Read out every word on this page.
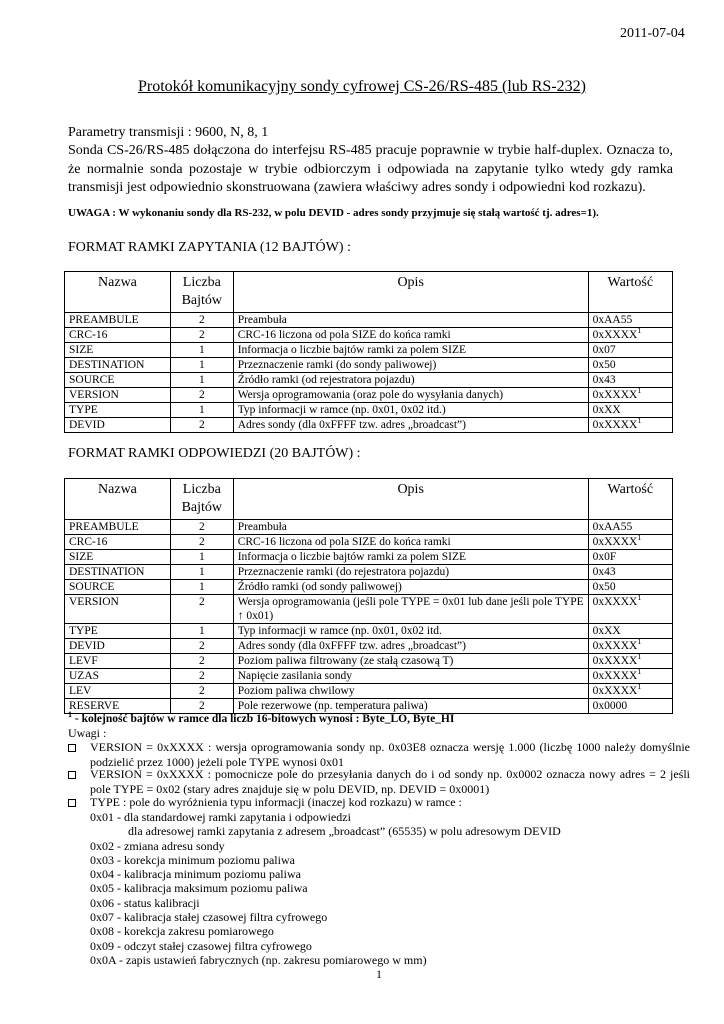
2011-07-04
Protokół komunikacyjny sondy cyfrowej CS-26/RS-485 (lub RS-232)
Parametry transmisji : 9600, N, 8, 1
Sonda CS-26/RS-485 dołączona do interfejsu RS-485 pracuje poprawnie w trybie half-duplex. Oznacza to, że normalnie sonda pozostaje w trybie odbiorczym i odpowiada na zapytanie tylko wtedy gdy ramka transmisji jest odpowiednio skonstruowana (zawiera właściwy adres sondy i odpowiedni kod rozkazu).
UWAGA : W wykonaniu sondy dla RS-232, w polu DEVID - adres sondy przyjmuje się stałą wartość tj. adres=1).
FORMAT RAMKI ZAPYTANIA (12 BAJTÓW) :
Nazwa	Liczba Bajtów	Opis	Wartość
PREAMBULE	2	Preambuła	0xAA55
CRC-16	2	CRC-16 liczona od pola SIZE do końca ramki	0xXXXX$^1$
SIZE	1	Informacja o liczbie bajtów ramki za polem SIZE	0x07
DESTINATION	1	Przeznaczenie ramki (do sondy paliwowej)	0x50
SOURCE	1	Źródło ramki (od rejestratora pojazdu)	0x43
VERSION	2	Wersja oprogramowania (oraz pole do wysyłania danych)	0xXXXX$^1$
TYPE	1	Typ informacji w ramce (np. 0x01, 0x02 itd.)	0xXX
DEVID	2	Adres sondy (dla 0xFFFF tzw. adres „broadcast”)	0xXXXX$^1$
FORMAT RAMKI ODPOWIEDZI (20 BAJTÓW) :
Nazwa	Liczba Bajtów	Opis	Wartość
PREAMBULE	2	Preambuła	0xAA55
CRC-16	2	CRC-16 liczona od pola SIZE do końca ramki	0xXXXX$^1$
SIZE	1	Informacja o liczbie bajtów ramki za polem SIZE	0x0F
DESTINATION	1	Przeznaczenie ramki (do rejestratora pojazdu)	0x43
SOURCE	1	Źródło ramki (od sondy paliwowej)	0x50
VERSION	2	Wersja oprogramowania (jeśli pole TYPE = 0x01 lub dane jeśli pole TYPE ↑ 0x01)	0xXXXX$^1$
TYPE	1	Typ informacji w ramce (np. 0x01, 0x02 itd.	0xXX
DEVID	2	Adres sondy (dla 0xFFFF tzw. adres „broadcast”)	0xXXXX$^1$
LEVF	2	Poziom paliwa filtrowany (ze stałą czasową T)	0xXXXX$^1$
UZAS	2	Napięcie zasilania sondy	0xXXXX$^1$
LEV	2	Poziom paliwa chwilowy	0xXXXX$^1$
RESERVE	2	Pole rezerwowe (np. temperatura paliwa)	0x0000
$^1$ - kolejność bajtów w ramce dla liczb 16-bitowych wynosi : Byte_LO, Byte_HI
Uwagi :
VERSION = 0xXXXX : wersja oprogramowania sondy np. 0x03E8 oznacza wersję 1.000 (liczbę 1000 należy domyślnie podzielić przez 1000) jeżeli pole TYPE wynosi 0x01
VERSION = 0xXXXX : pomocnicze pole do przesyłania danych do i od sondy np. 0x0002 oznacza nowy adres = 2 jeśli pole TYPE = 0x02 (stary adres znajduje się w polu DEVID, np. DEVID = 0x0001)
TYPE : pole do wyróżnienia typu informacji (inaczej kod rozkazu) w ramce :
0x01 - dla standardowej ramki zapytania i odpowiedzi
dla adresowej ramki zapytania z adresem „broadcast” (65535) w polu adresowym DEVID
0x02 - zmiana adresu sondy
0x03 - korekcja minimum poziomu paliwa
0x04 - kalibracja minimum poziomu paliwa
0x05 - kalibracja maksimum poziomu paliwa
0x06 - status kalibracji
0x07 - kalibracja stałej czasowej filtra cyfrowego
0x08 - korekcja zakresu pomiarowego
0x09 - odczyt stałej czasowej filtra cyfrowego
0x0A - zapis ustawień fabrycznych (np. zakresu pomiarowego w mm)
1
